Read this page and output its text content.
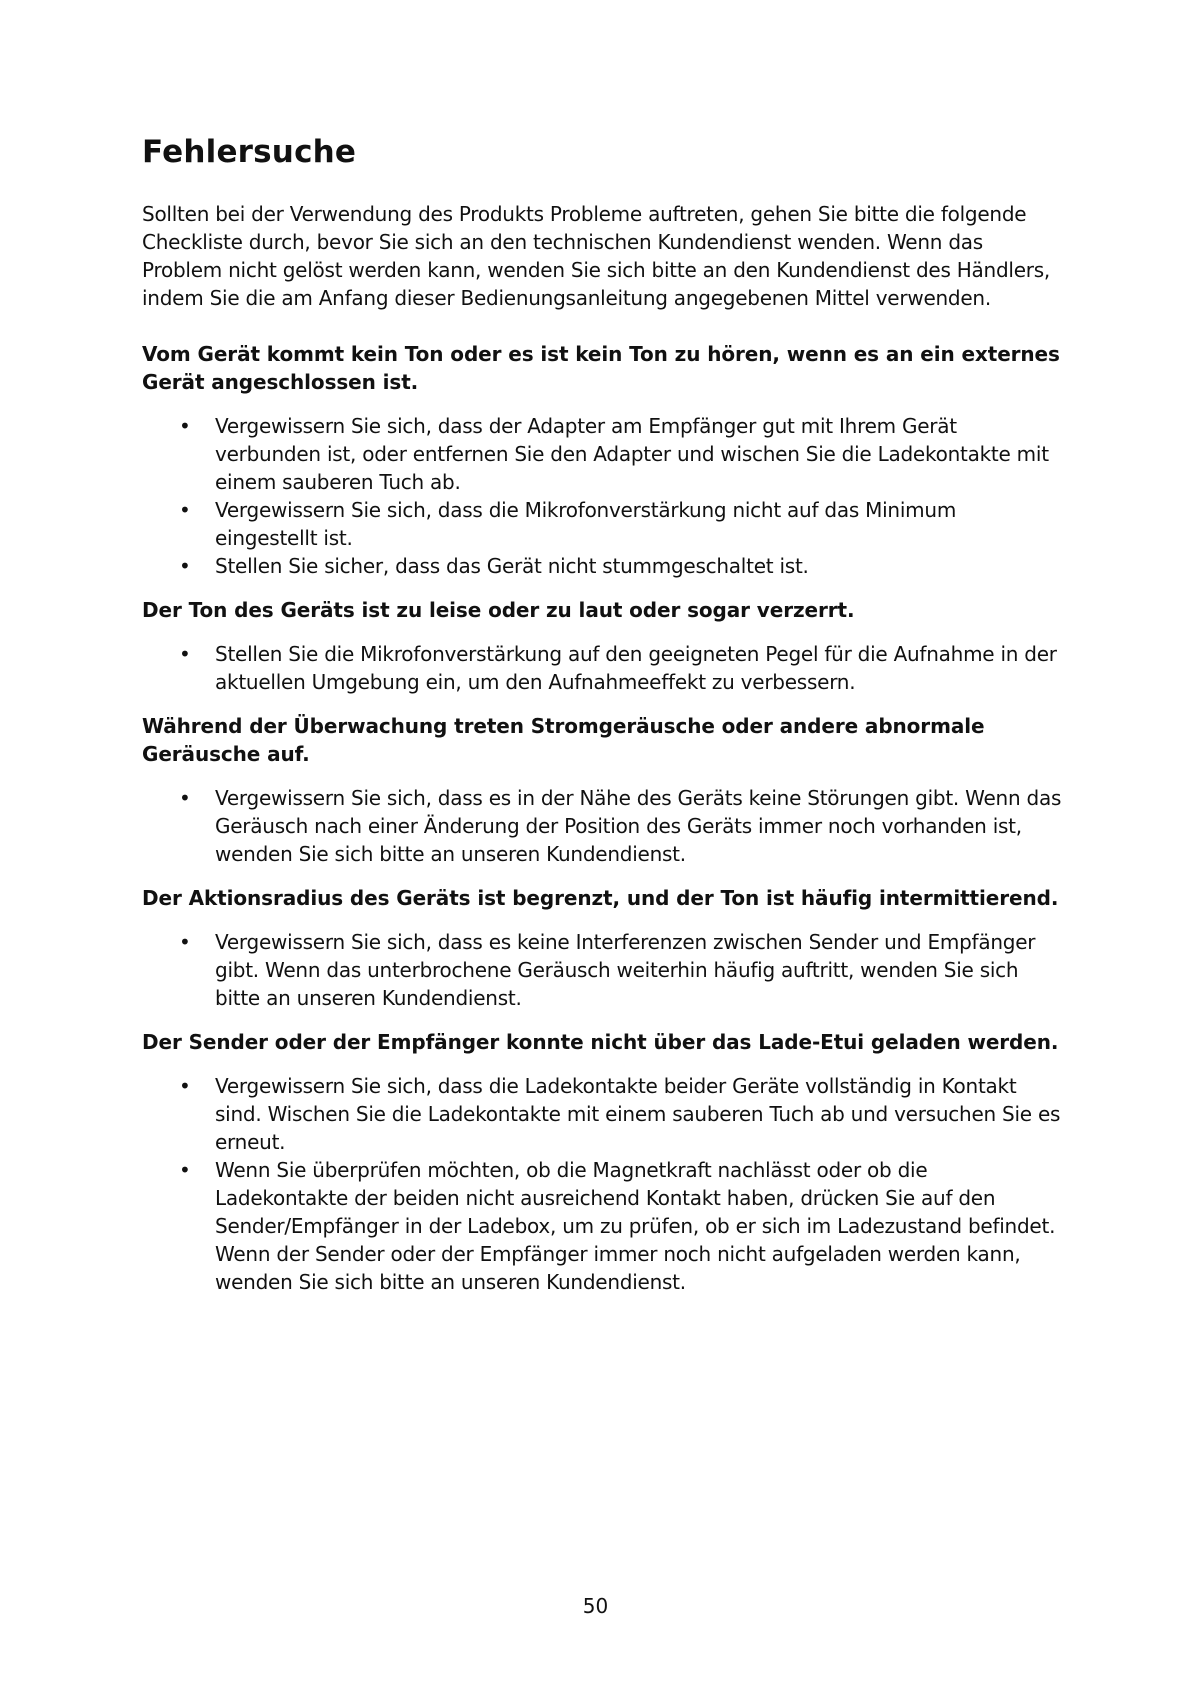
Fehlersuche

Sollten bei der Verwendung des Produkts Probleme auftreten, gehen Sie bitte die folgende Checkliste durch, bevor Sie sich an den technischen Kundendienst wenden. Wenn das Problem nicht gelöst werden kann, wenden Sie sich bitte an den Kundendienst des Händlers, indem Sie die am Anfang dieser Bedienungsanleitung angegebenen Mittel verwenden.

Vom Gerät kommt kein Ton oder es ist kein Ton zu hören, wenn es an ein externes Gerät angeschlossen ist.
• Vergewissern Sie sich, dass der Adapter am Empfänger gut mit Ihrem Gerät verbunden ist, oder entfernen Sie den Adapter und wischen Sie die Ladekontakte mit einem sauberen Tuch ab.
• Vergewissern Sie sich, dass die Mikrofonverstärkung nicht auf das Minimum eingestellt ist.
• Stellen Sie sicher, dass das Gerät nicht stummgeschaltet ist.
Der Ton des Geräts ist zu leise oder zu laut oder sogar verzerrt.
• Stellen Sie die Mikrofonverstärkung auf den geeigneten Pegel für die Aufnahme in der aktuellen Umgebung ein, um den Aufnahmeeffekt zu verbessern.
Während der Überwachung treten Stromgeräusche oder andere abnormale Geräusche auf.
• Vergewissern Sie sich, dass es in der Nähe des Geräts keine Störungen gibt. Wenn das Geräusch nach einer Änderung der Position des Geräts immer noch vorhanden ist, wenden Sie sich bitte an unseren Kundendienst.
Der Aktionsradius des Geräts ist begrenzt, und der Ton ist häufig intermittierend.
• Vergewissern Sie sich, dass es keine Interferenzen zwischen Sender und Empfänger gibt. Wenn das unterbrochene Geräusch weiterhin häufig auftritt, wenden Sie sich bitte an unseren Kundendienst.
Der Sender oder der Empfänger konnte nicht über das Lade-Etui geladen werden.
• Vergewissern Sie sich, dass die Ladekontakte beider Geräte vollständig in Kontakt sind. Wischen Sie die Ladekontakte mit einem sauberen Tuch ab und versuchen Sie es erneut.
• Wenn Sie überprüfen möchten, ob die Magnetkraft nachlässt oder ob die Ladekontakte der beiden nicht ausreichend Kontakt haben, drücken Sie auf den Sender/Empfänger in der Ladebox, um zu prüfen, ob er sich im Ladezustand befindet. Wenn der Sender oder der Empfänger immer noch nicht aufgeladen werden kann, wenden Sie sich bitte an unseren Kundendienst.
50
